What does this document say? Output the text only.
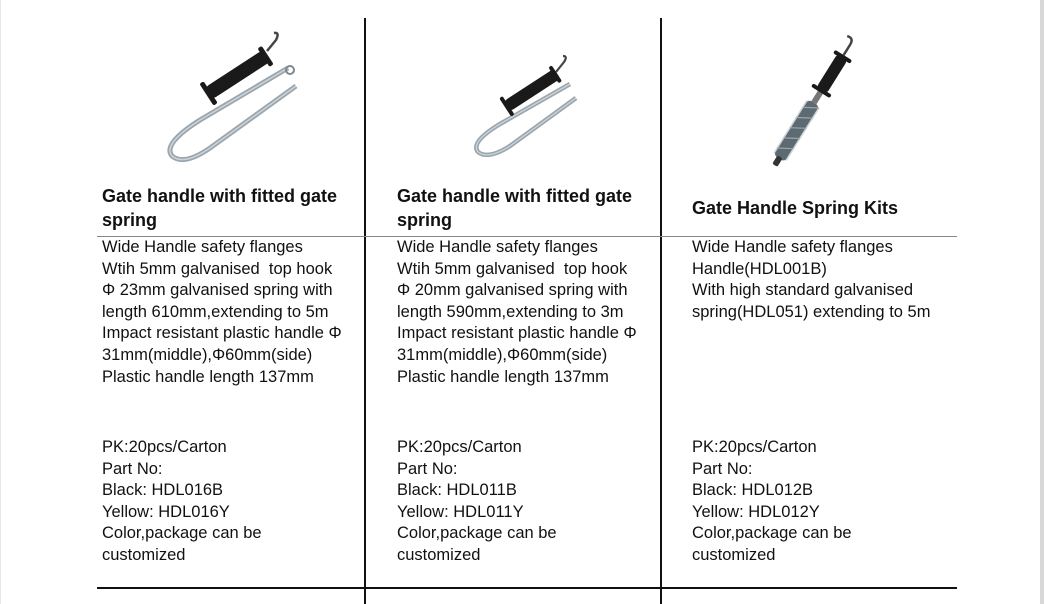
Gate handle with fitted gate spring
Gate handle with fitted gate spring
Gate Handle Spring Kits
Wide Handle safety flanges
Wtih 5mm galvanised  top hook
Φ 23mm galvanised spring with
length 610mm,extending to 5m
Impact resistant plastic handle Φ
31mm(middle),Φ60mm(side)
Plastic handle length 137mm
Wide Handle safety flanges
Wtih 5mm galvanised  top hook
Φ 20mm galvanised spring with
length 590mm,extending to 3m
Impact resistant plastic handle Φ
31mm(middle),Φ60mm(side)
Plastic handle length 137mm
Wide Handle safety flanges
Handle(HDL001B)
With high standard galvanised
spring(HDL051) extending to 5m
PK:20pcs/Carton
Part No:
Black: HDL016B
Yellow: HDL016Y
Color,package can be
customized
PK:20pcs/Carton
Part No:
Black: HDL011B
Yellow: HDL011Y
Color,package can be
customized
PK:20pcs/Carton
Part No:
Black: HDL012B
Yellow: HDL012Y
Color,package can be
customized
